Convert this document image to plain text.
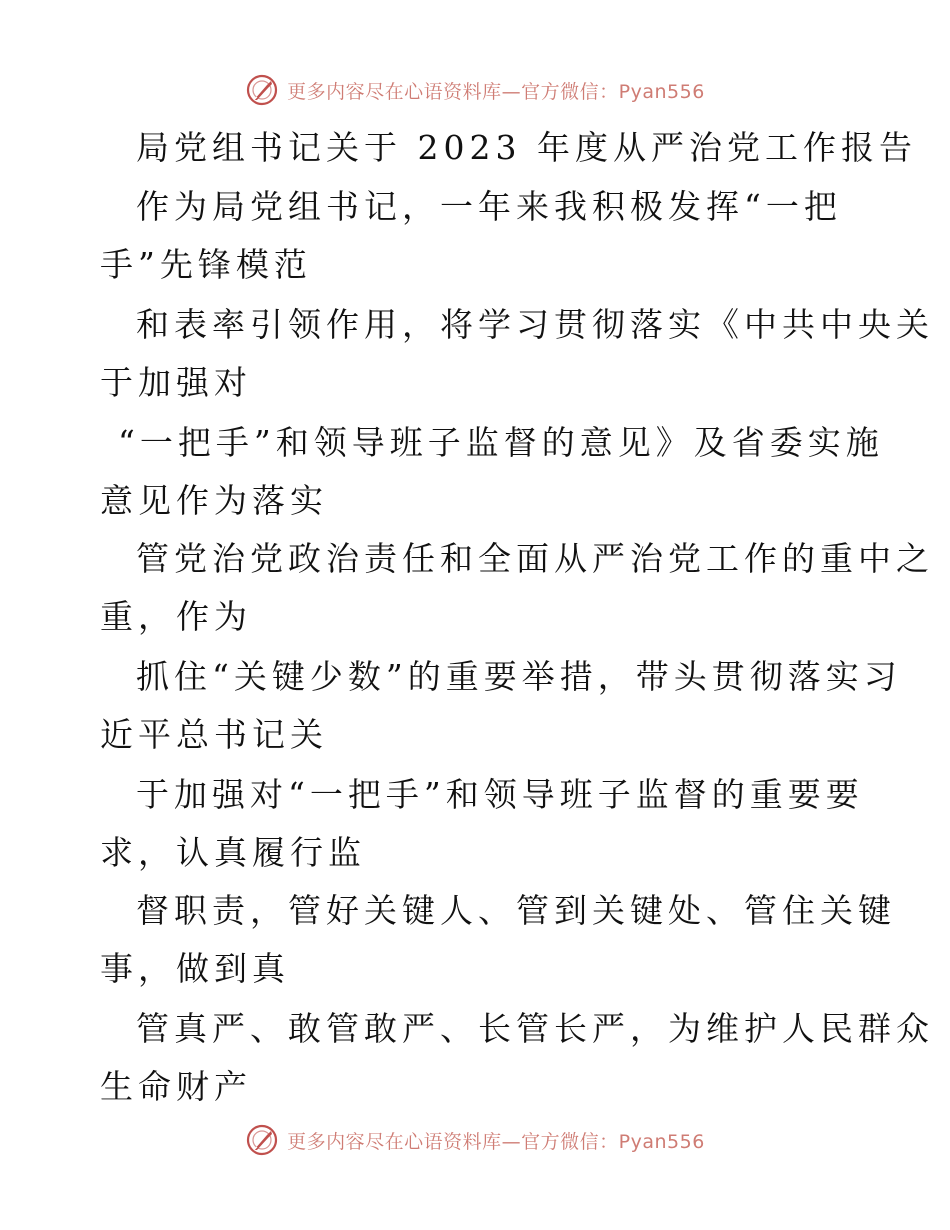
更多内容尽在心语资料库—官方微信：Pyan556
局党组书记关于 2023 年度从严治党工作报告
作为局党组书记，一年来我积极发挥“一把
手”先锋模范
和表率引领作用，将学习贯彻落实《中共中央关
于加强对
“一把手”和领导班子监督的意见》及省委实施
意见作为落实
管党治党政治责任和全面从严治党工作的重中之
重，作为
抓住“关键少数”的重要举措，带头贯彻落实习
近平总书记关
于加强对“一把手”和领导班子监督的重要要
求，认真履行监
督职责，管好关键人、管到关键处、管住关键
事，做到真
管真严、敢管敢严、长管长严，为维护人民群众
生命财产
更多内容尽在心语资料库—官方微信：Pyan556
